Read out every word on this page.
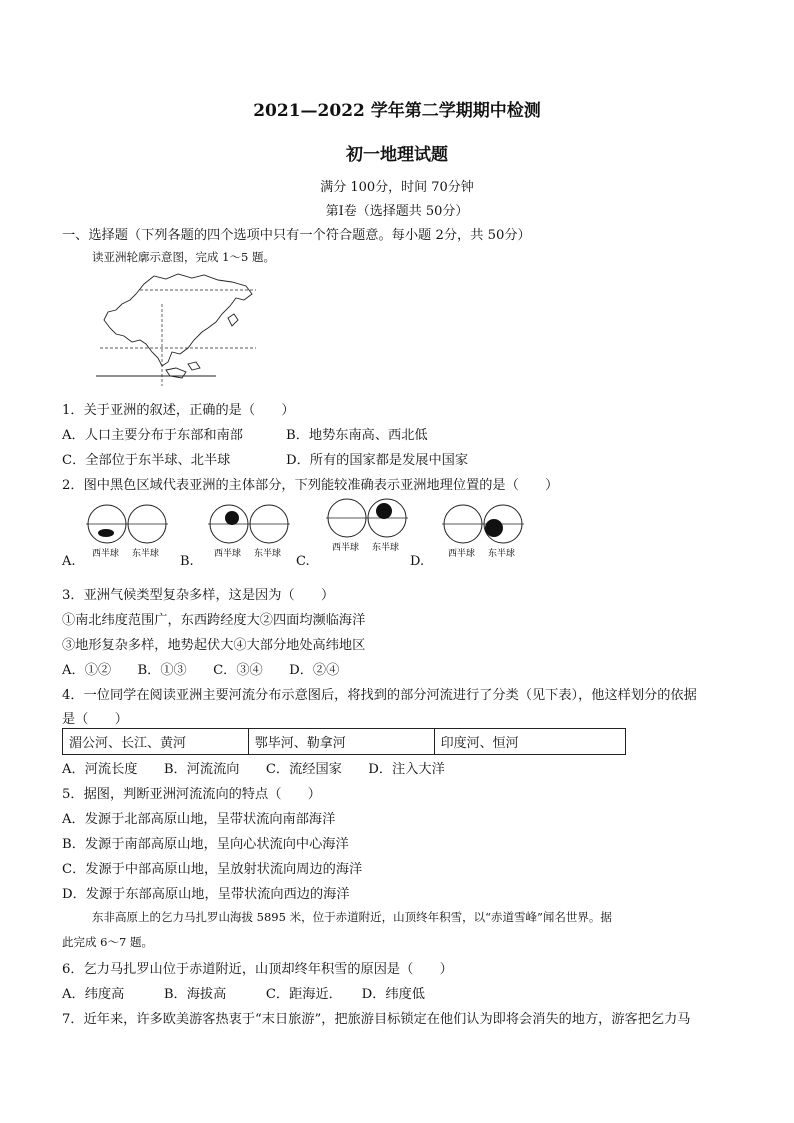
2021—2022 学年第二学期期中检测
初一地理试题
满分 100分，时间 70分钟
第Ⅰ卷（选择题共 50分）
一、选择题（下列各题的四个选项中只有一个符合题意。每小题 2分，共 50分）
读亚洲轮廓示意图，完成 1～5 题。
1．关于亚洲的叙述，正确的是（　　）
A．人口主要分布于东部和南部	B．地势东南高、西北低
C．全部位于东半球、北半球	D．所有的国家都是发展中国家
2．图中黑色区域代表亚洲的主体部分，下列能较准确表示亚洲地理位置的是（　　）
西半球 东半球
A.	西半球 东半球
B.
西半球 东半球
C.	西半球 东半球
D.
3．亚洲气候类型复杂多样，这是因为（　　）
①南北纬度范围广，东西跨经度大②四面均濒临海洋
③地形复杂多样，地势起伏大④大部分地处高纬地区
A．①②　　B．①③　　C．③④　　D．②④
4．一位同学在阅读亚洲主要河流分布示意图后，将找到的部分河流进行了分类（见下表），他这样划分的依据
是（　　）
湄公河、长江、黄河	鄂毕河、勒拿河	印度河、恒河
A．河流长度　　B．河流流向　　C．流经国家　　D．注入大洋
5．据图，判断亚洲河流流向的特点（　　）
A．发源于北部高原山地，呈带状流向南部海洋
B．发源于南部高原山地，呈向心状流向中心海洋
C．发源于中部高原山地，呈放射状流向周边的海洋
D．发源于东部高原山地，呈带状流向西边的海洋
东非高原上的乞力马扎罗山海拔 5895 米，位于赤道附近，山顶终年积雪，以“赤道雪峰”闻名世界。据
此完成 6～7 题。
6．乞力马扎罗山位于赤道附近，山顶却终年积雪的原因是（　　）
A．纬度高　　　B．海拔高　　　C．距海近．　　D．纬度低
7．近年来，许多欧美游客热衷于“末日旅游”，把旅游目标锁定在他们认为即将会消失的地方，游客把乞力马
